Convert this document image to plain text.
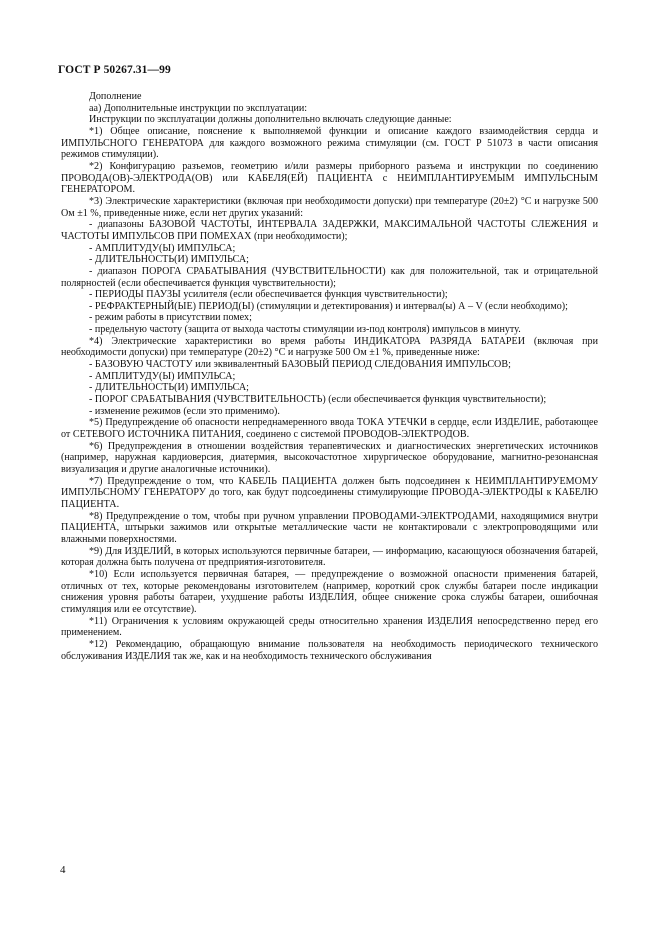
ГОСТ Р 50267.31—99

Дополнение

аа) Дополнительные инструкции по эксплуатации:

Инструкции по эксплуатации должны дополнительно включать следующие данные:

*1) Общее описание, пояснение к выполняемой функции и описание каждого взаимодействия сердца и ИМПУЛЬСНОГО ГЕНЕРАТОРА для каждого возможного режима стимуляции (см. ГОСТ Р 51073 в части описания режимов стимуляции).

*2) Конфигурацию разъемов, геометрию и/или размеры приборного разъема и инструкции по соединению ПРОВОДА(ОВ)-ЭЛЕКТРОДА(ОВ) или КАБЕЛЯ(ЕЙ) ПАЦИЕНТА с НЕИМПЛАНТИРУЕМЫМ ИМПУЛЬСНЫМ ГЕНЕРАТОРОМ.

*3) Электрические характеристики (включая при необходимости допуски) при температуре (20±2) °С и нагрузке 500 Ом ±1 %, приведенные ниже, если нет других указаний:

- диапазоны БАЗОВОЙ ЧАСТОТЫ, ИНТЕРВАЛА ЗАДЕРЖКИ, МАКСИМАЛЬНОЙ ЧАСТОТЫ СЛЕЖЕНИЯ и ЧАСТОТЫ ИМПУЛЬСОВ ПРИ ПОМЕХАХ (при необходимости);

- АМПЛИТУДУ(Ы) ИМПУЛЬСА;

- ДЛИТЕЛЬНОСТЬ(И) ИМПУЛЬСА;

- диапазон ПОРОГА СРАБАТЫВАНИЯ (ЧУВСТВИТЕЛЬНОСТИ) как для положительной, так и отрицательной полярностей (если обеспечивается функция чувствительности);

- ПЕРИОДЫ ПАУЗЫ усилителя (если обеспечивается функция чувствительности);

- РЕФРАКТЕРНЫЙ(ЫЕ) ПЕРИОД(Ы) (стимуляции и детектирования) и интервал(ы) А – V (если необходимо);

- режим работы в присутствии помех;

- предельную частоту (защита от выхода частоты стимуляции из-под контроля) импульсов в минуту.

*4) Электрические характеристики во время работы ИНДИКАТОРА РАЗРЯДА БАТАРЕИ (включая при необходимости допуски) при температуре (20±2) °С и нагрузке 500 Ом ±1 %, приведенные ниже:

- БАЗОВУЮ ЧАСТОТУ или эквивалентный БАЗОВЫЙ ПЕРИОД СЛЕДОВАНИЯ ИМПУЛЬСОВ;

- АМПЛИТУДУ(Ы) ИМПУЛЬСА;

- ДЛИТЕЛЬНОСТЬ(И) ИМПУЛЬСА;

- ПОРОГ СРАБАТЫВАНИЯ (ЧУВСТВИТЕЛЬНОСТЬ) (если обеспечивается функция чувствительности);

- изменение режимов (если это применимо).

*5) Предупреждение об опасности непреднамеренного ввода ТОКА УТЕЧКИ в сердце, если ИЗДЕЛИЕ, работающее от СЕТЕВОГО ИСТОЧНИКА ПИТАНИЯ, соединено с системой ПРОВОДОВ-ЭЛЕКТРОДОВ.

*6) Предупреждения в отношении воздействия терапевтических и диагностических энергетических источников (например, наружная кардиоверсия, диатермия, высокочастотное хирургическое оборудование, магнитно-резонансная визуализация и другие аналогичные источники).

*7) Предупреждение о том, что КАБЕЛЬ ПАЦИЕНТА должен быть подсоединен к НЕИМПЛАНТИРУЕМОМУ ИМПУЛЬСНОМУ ГЕНЕРАТОРУ до того, как будут подсоединены стимулирующие ПРОВОДА-ЭЛЕКТРОДЫ к КАБЕЛЮ ПАЦИЕНТА.

*8) Предупреждение о том, чтобы при ручном управлении ПРОВОДАМИ-ЭЛЕКТРОДАМИ, находящимися внутри ПАЦИЕНТА, штырьки зажимов или открытые металлические части не контактировали с электропроводящими или влажными поверхностями.

*9) Для ИЗДЕЛИЙ, в которых используются первичные батареи, — информацию, касающуюся обозначения батарей, которая должна быть получена от предприятия-изготовителя.

*10) Если используется первичная батарея, — предупреждение о возможной опасности применения батарей, отличных от тех, которые рекомендованы изготовителем (например, короткий срок службы батареи после индикации снижения уровня работы батареи, ухудшение работы ИЗДЕЛИЯ, общее снижение срока службы батареи, ошибочная стимуляция или ее отсутствие).

*11) Ограничения к условиям окружающей среды относительно хранения ИЗДЕЛИЯ непосредственно перед его применением.

*12) Рекомендацию, обращающую внимание пользователя на необходимость периодического технического обслуживания ИЗДЕЛИЯ так же, как и на необходимость технического обслуживания

4
